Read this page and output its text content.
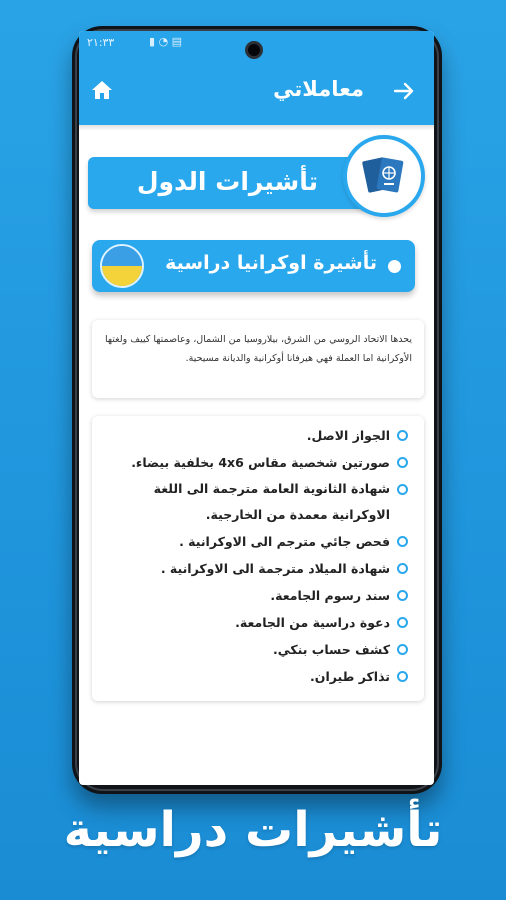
٢١:٣٣	▮ ◔ ▤
معاملاتي
تأشيرات الدول
تأشيرة اوكرانيا دراسية
يحدها الاتحاد الروسي من الشرق، بيلاروسيا من الشمال، وعاصمتها كييف ولغتها الأوكرانية اما العملة فهي هيرفانا أوكرانية والديانة مسيحية.
الجواز الاصل.
صورتين شخصية مقاس 4x6 بخلفية بيضاء.
شهادة الثانوية العامة مترجمة الى اللغة الاوكرانية معمدة من الخارجية.
فحص جائي مترجم الى الاوكرانية .
شهادة الميلاد مترجمة الى الاوكرانية .
سند رسوم الجامعة.
دعوة دراسية من الجامعة.
كشف حساب بنكي.
تذاكر طيران.
تأشيرات دراسية
